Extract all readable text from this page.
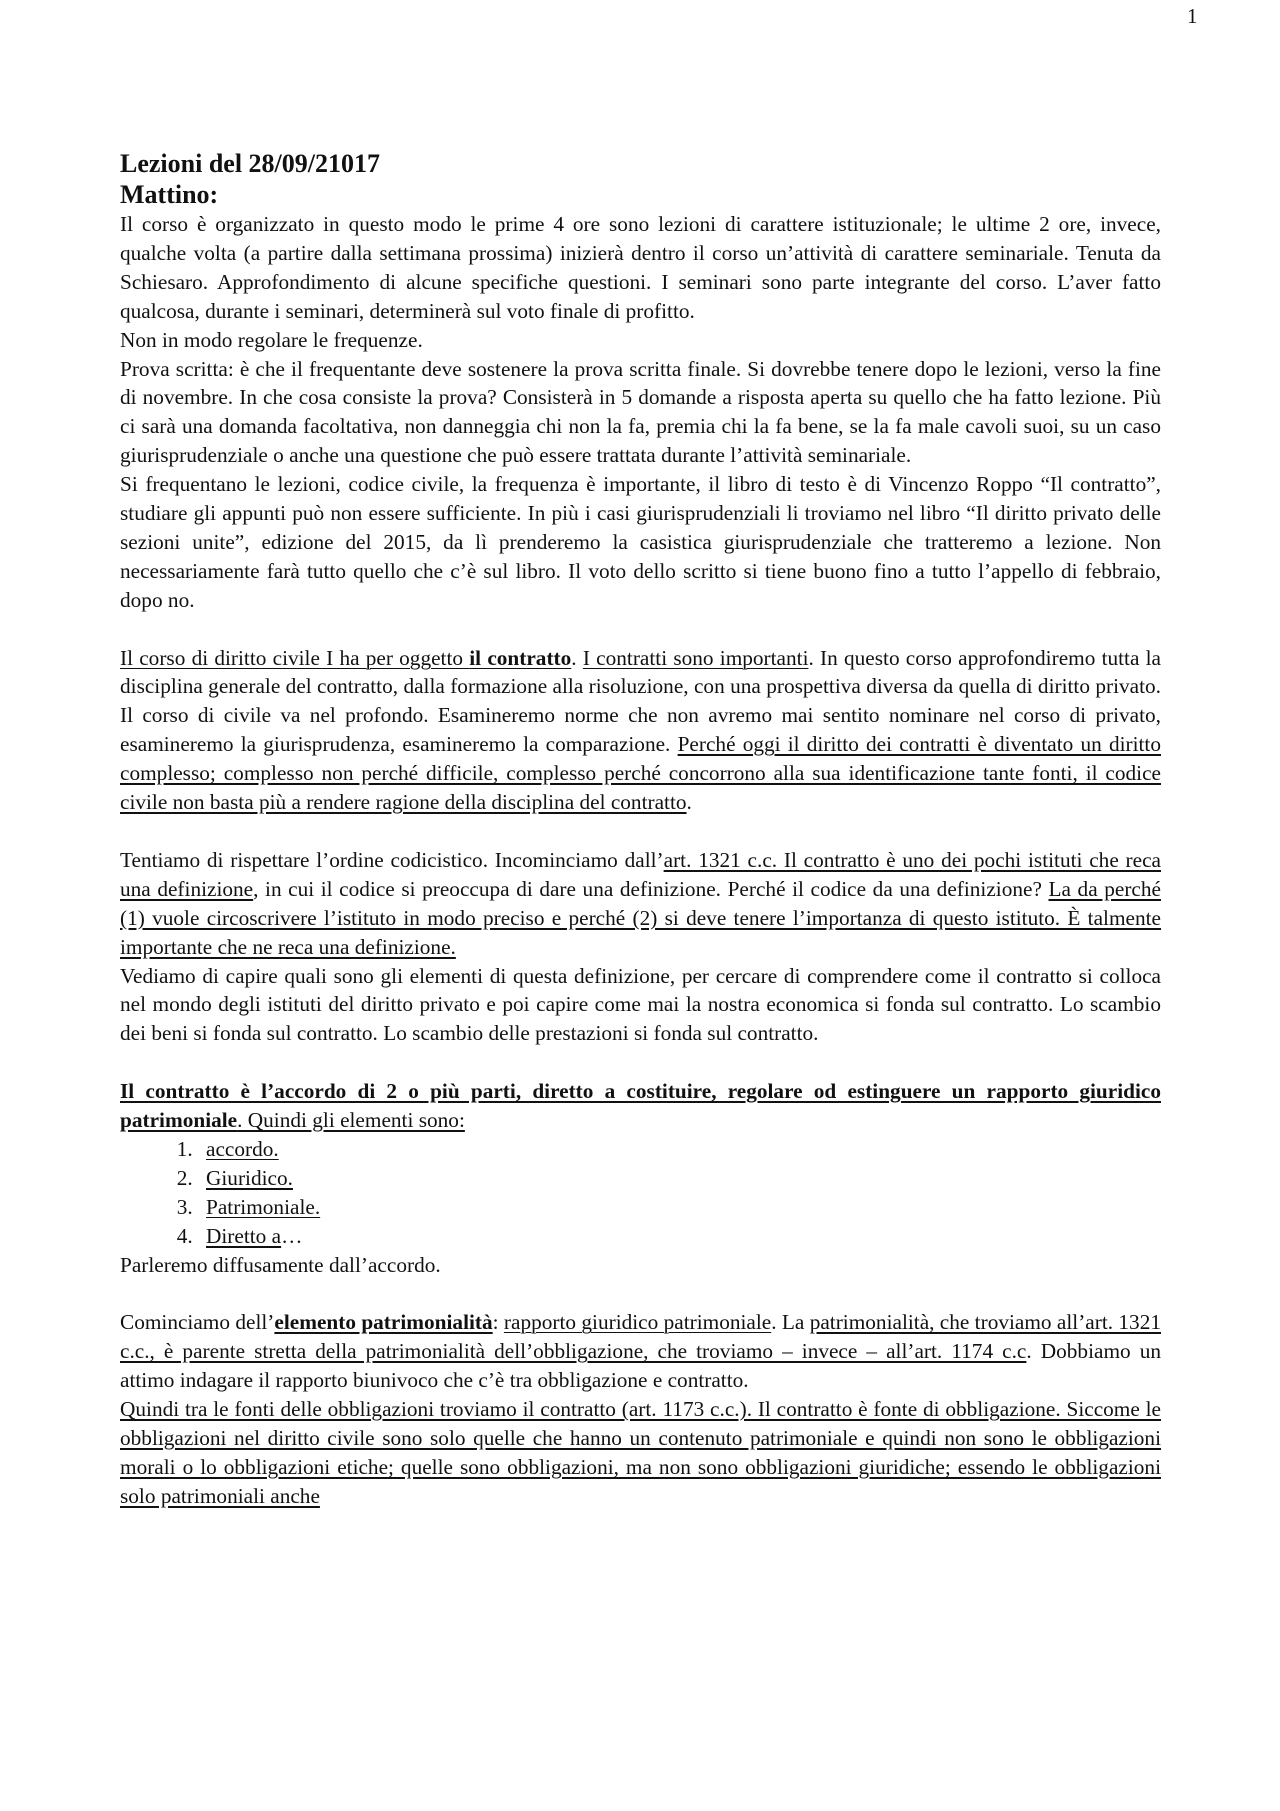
1
Lezioni del 28/09/21017
Mattino:

Il corso è organizzato in questo modo le prime 4 ore sono lezioni di carattere istituzionale; le ultime 2 ore, invece, qualche volta (a partire dalla settimana prossima) inizierà dentro il corso un’attività di carattere seminariale. Tenuta da Schiesaro. Approfondimento di alcune specifiche questioni. I seminari sono parte integrante del corso. L’aver fatto qualcosa, durante i seminari, determinerà sul voto finale di profitto.

Non in modo regolare le frequenze.

Prova scritta: è che il frequentante deve sostenere la prova scritta finale. Si dovrebbe tenere dopo le lezioni, verso la fine di novembre. In che cosa consiste la prova? Consisterà in 5 domande a risposta aperta su quello che ha fatto lezione. Più ci sarà una domanda facoltativa, non danneggia chi non la fa, premia chi la fa bene, se la fa male cavoli suoi, su un caso giurisprudenziale o anche una questione che può essere trattata durante l’attività seminariale.

Si frequentano le lezioni, codice civile, la frequenza è importante, il libro di testo è di Vincenzo Roppo “Il contratto”, studiare gli appunti può non essere sufficiente. In più i casi giurisprudenziali li troviamo nel libro “Il diritto privato delle sezioni unite”, edizione del 2015, da lì prenderemo la casistica giurisprudenziale che tratteremo a lezione. Non necessariamente farà tutto quello che c’è sul libro. Il voto dello scritto si tiene buono fino a tutto l’appello di febbraio, dopo no.

Il corso di diritto civile I ha per oggetto il contratto. I contratti sono importanti. In questo corso approfondiremo tutta la disciplina generale del contratto, dalla formazione alla risoluzione, con una prospettiva diversa da quella di diritto privato. Il corso di civile va nel profondo. Esamineremo norme che non avremo mai sentito nominare nel corso di privato, esamineremo la giurisprudenza, esamineremo la comparazione. Perché oggi il diritto dei contratti è diventato un diritto complesso; complesso non perché difficile, complesso perché concorrono alla sua identificazione tante fonti, il codice civile non basta più a rendere ragione della disciplina del contratto.

Tentiamo di rispettare l’ordine codicistico. Incominciamo dall’art. 1321 c.c. Il contratto è uno dei pochi istituti che reca una definizione, in cui il codice si preoccupa di dare una definizione. Perché il codice da una definizione? La da perché (1) vuole circoscrivere l’istituto in modo preciso e perché (2) si deve tenere l’importanza di questo istituto. È talmente importante che ne reca una definizione.

Vediamo di capire quali sono gli elementi di questa definizione, per cercare di comprendere come il contratto si colloca nel mondo degli istituti del diritto privato e poi capire come mai la nostra economica si fonda sul contratto. Lo scambio dei beni si fonda sul contratto. Lo scambio delle prestazioni si fonda sul contratto.

Il contratto è l’accordo di 2 o più parti, diretto a costituire, regolare od estinguere un rapporto giuridico patrimoniale. Quindi gli elementi sono:

1. accordo.
2. Giuridico.
3. Patrimoniale.
4. Diretto a…

Parleremo diffusamente dall’accordo.

Cominciamo dell’elemento patrimonialità: rapporto giuridico patrimoniale. La patrimonialità, che troviamo all’art. 1321 c.c., è parente stretta della patrimonialità dell’obbligazione, che troviamo – invece – all’art. 1174 c.c. Dobbiamo un attimo indagare il rapporto biunivoco che c’è tra obbligazione e contratto.

Quindi tra le fonti delle obbligazioni troviamo il contratto (art. 1173 c.c.). Il contratto è fonte di obbligazione. Siccome le obbligazioni nel diritto civile sono solo quelle che hanno un contenuto patrimoniale e quindi non sono le obbligazioni morali o lo obbligazioni etiche; quelle sono obbligazioni, ma non sono obbligazioni giuridiche; essendo le obbligazioni solo patrimoniali anche
